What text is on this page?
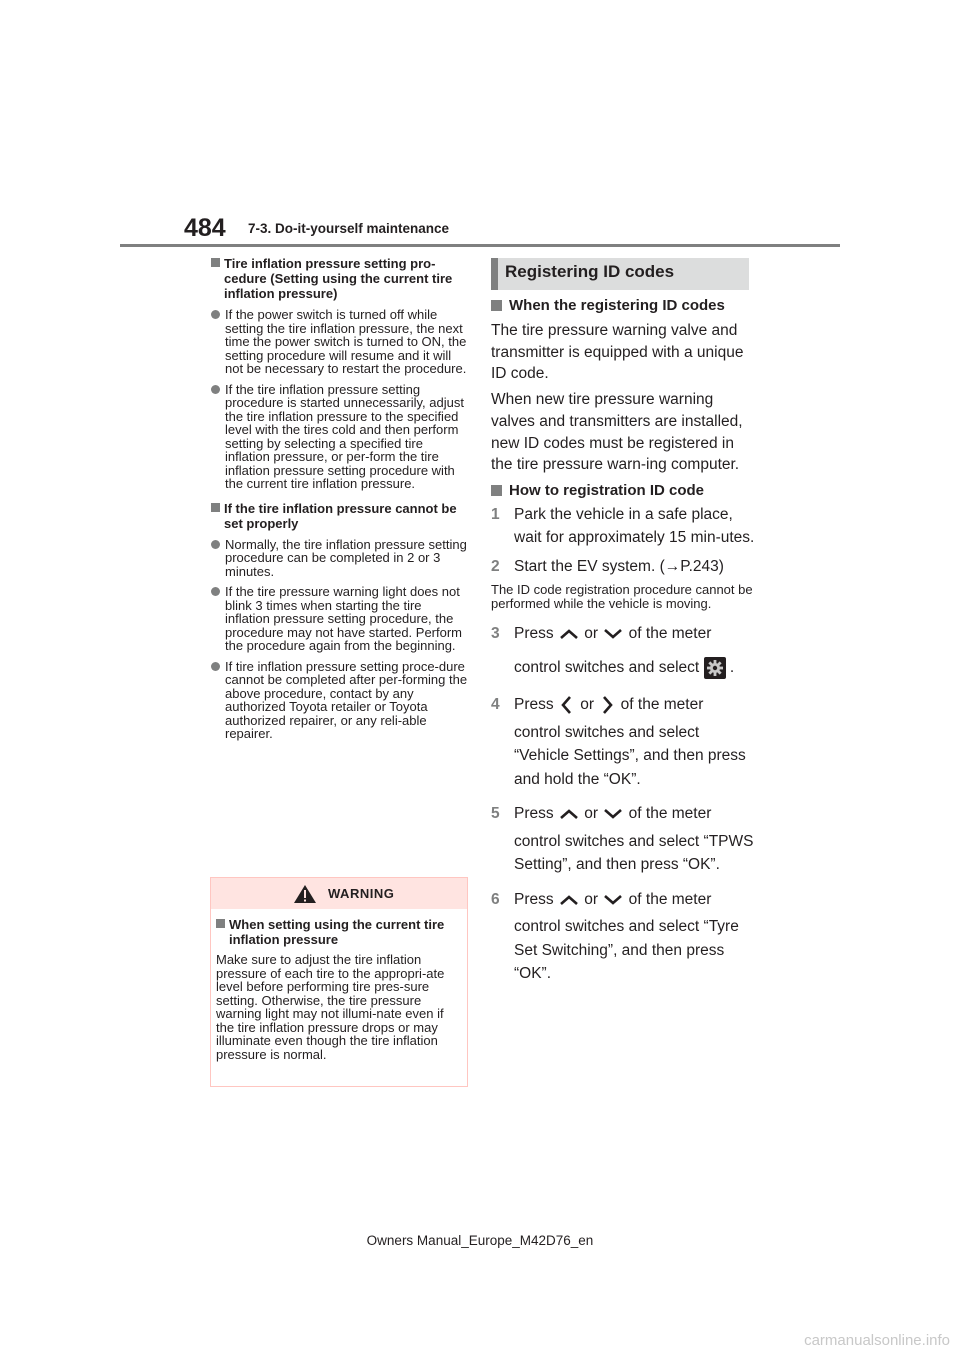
484 7-3. Do-it-yourself maintenance
Tire inflation pressure setting pro-cedure (Setting using the current tire inflation pressure)
If the power switch is turned off while setting the tire inflation pressure, the next time the power switch is turned to ON, the setting procedure will resume and it will not be necessary to restart the procedure.
If the tire inflation pressure setting procedure is started unnecessarily, adjust the tire inflation pressure to the specified level with the tires cold and then perform setting by selecting a specified tire inflation pressure, or per-form the tire inflation pressure setting procedure with the current tire inflation pressure.
If the tire inflation pressure cannot be set properly
Normally, the tire inflation pressure setting procedure can be completed in 2 or 3 minutes.
If the tire pressure warning light does not blink 3 times when starting the tire inflation pressure setting procedure, the procedure may not have started. Perform the procedure again from the beginning.
If tire inflation pressure setting proce-dure cannot be completed after per-forming the above procedure, contact by any authorized Toyota retailer or Toyota authorized repairer, or any reli-able repairer.
WARNING
When setting using the current tire inflation pressure
Make sure to adjust the tire inflation pressure of each tire to the appropri-ate level before performing tire pres-sure setting. Otherwise, the tire pressure warning light may not illumi-nate even if the tire inflation pressure drops or may illuminate even though the tire inflation pressure is normal.
Registering ID codes
When the registering ID codes
The tire pressure warning valve and transmitter is equipped with a unique ID code.
When new tire pressure warning valves and transmitters are installed, new ID codes must be registered in the tire pressure warn-ing computer.
How to registration ID code
1 Park the vehicle in a safe place, wait for approximately 15 min-utes.
2 Start the EV system. (→P.243)
The ID code registration procedure cannot be performed while the vehicle is moving.
3 Press or of the meter
control switches and select .
4 Press or of the meter
control switches and select “Vehicle Settings”, and then press and hold the “OK”.
5 Press or of the meter
control switches and select “TPWS Setting”, and then press “OK”.
6 Press or of the meter
control switches and select “Tyre Set Switching”, and then press “OK”.
Owners Manual_Europe_M42D76_en
carmanualsonline.info
